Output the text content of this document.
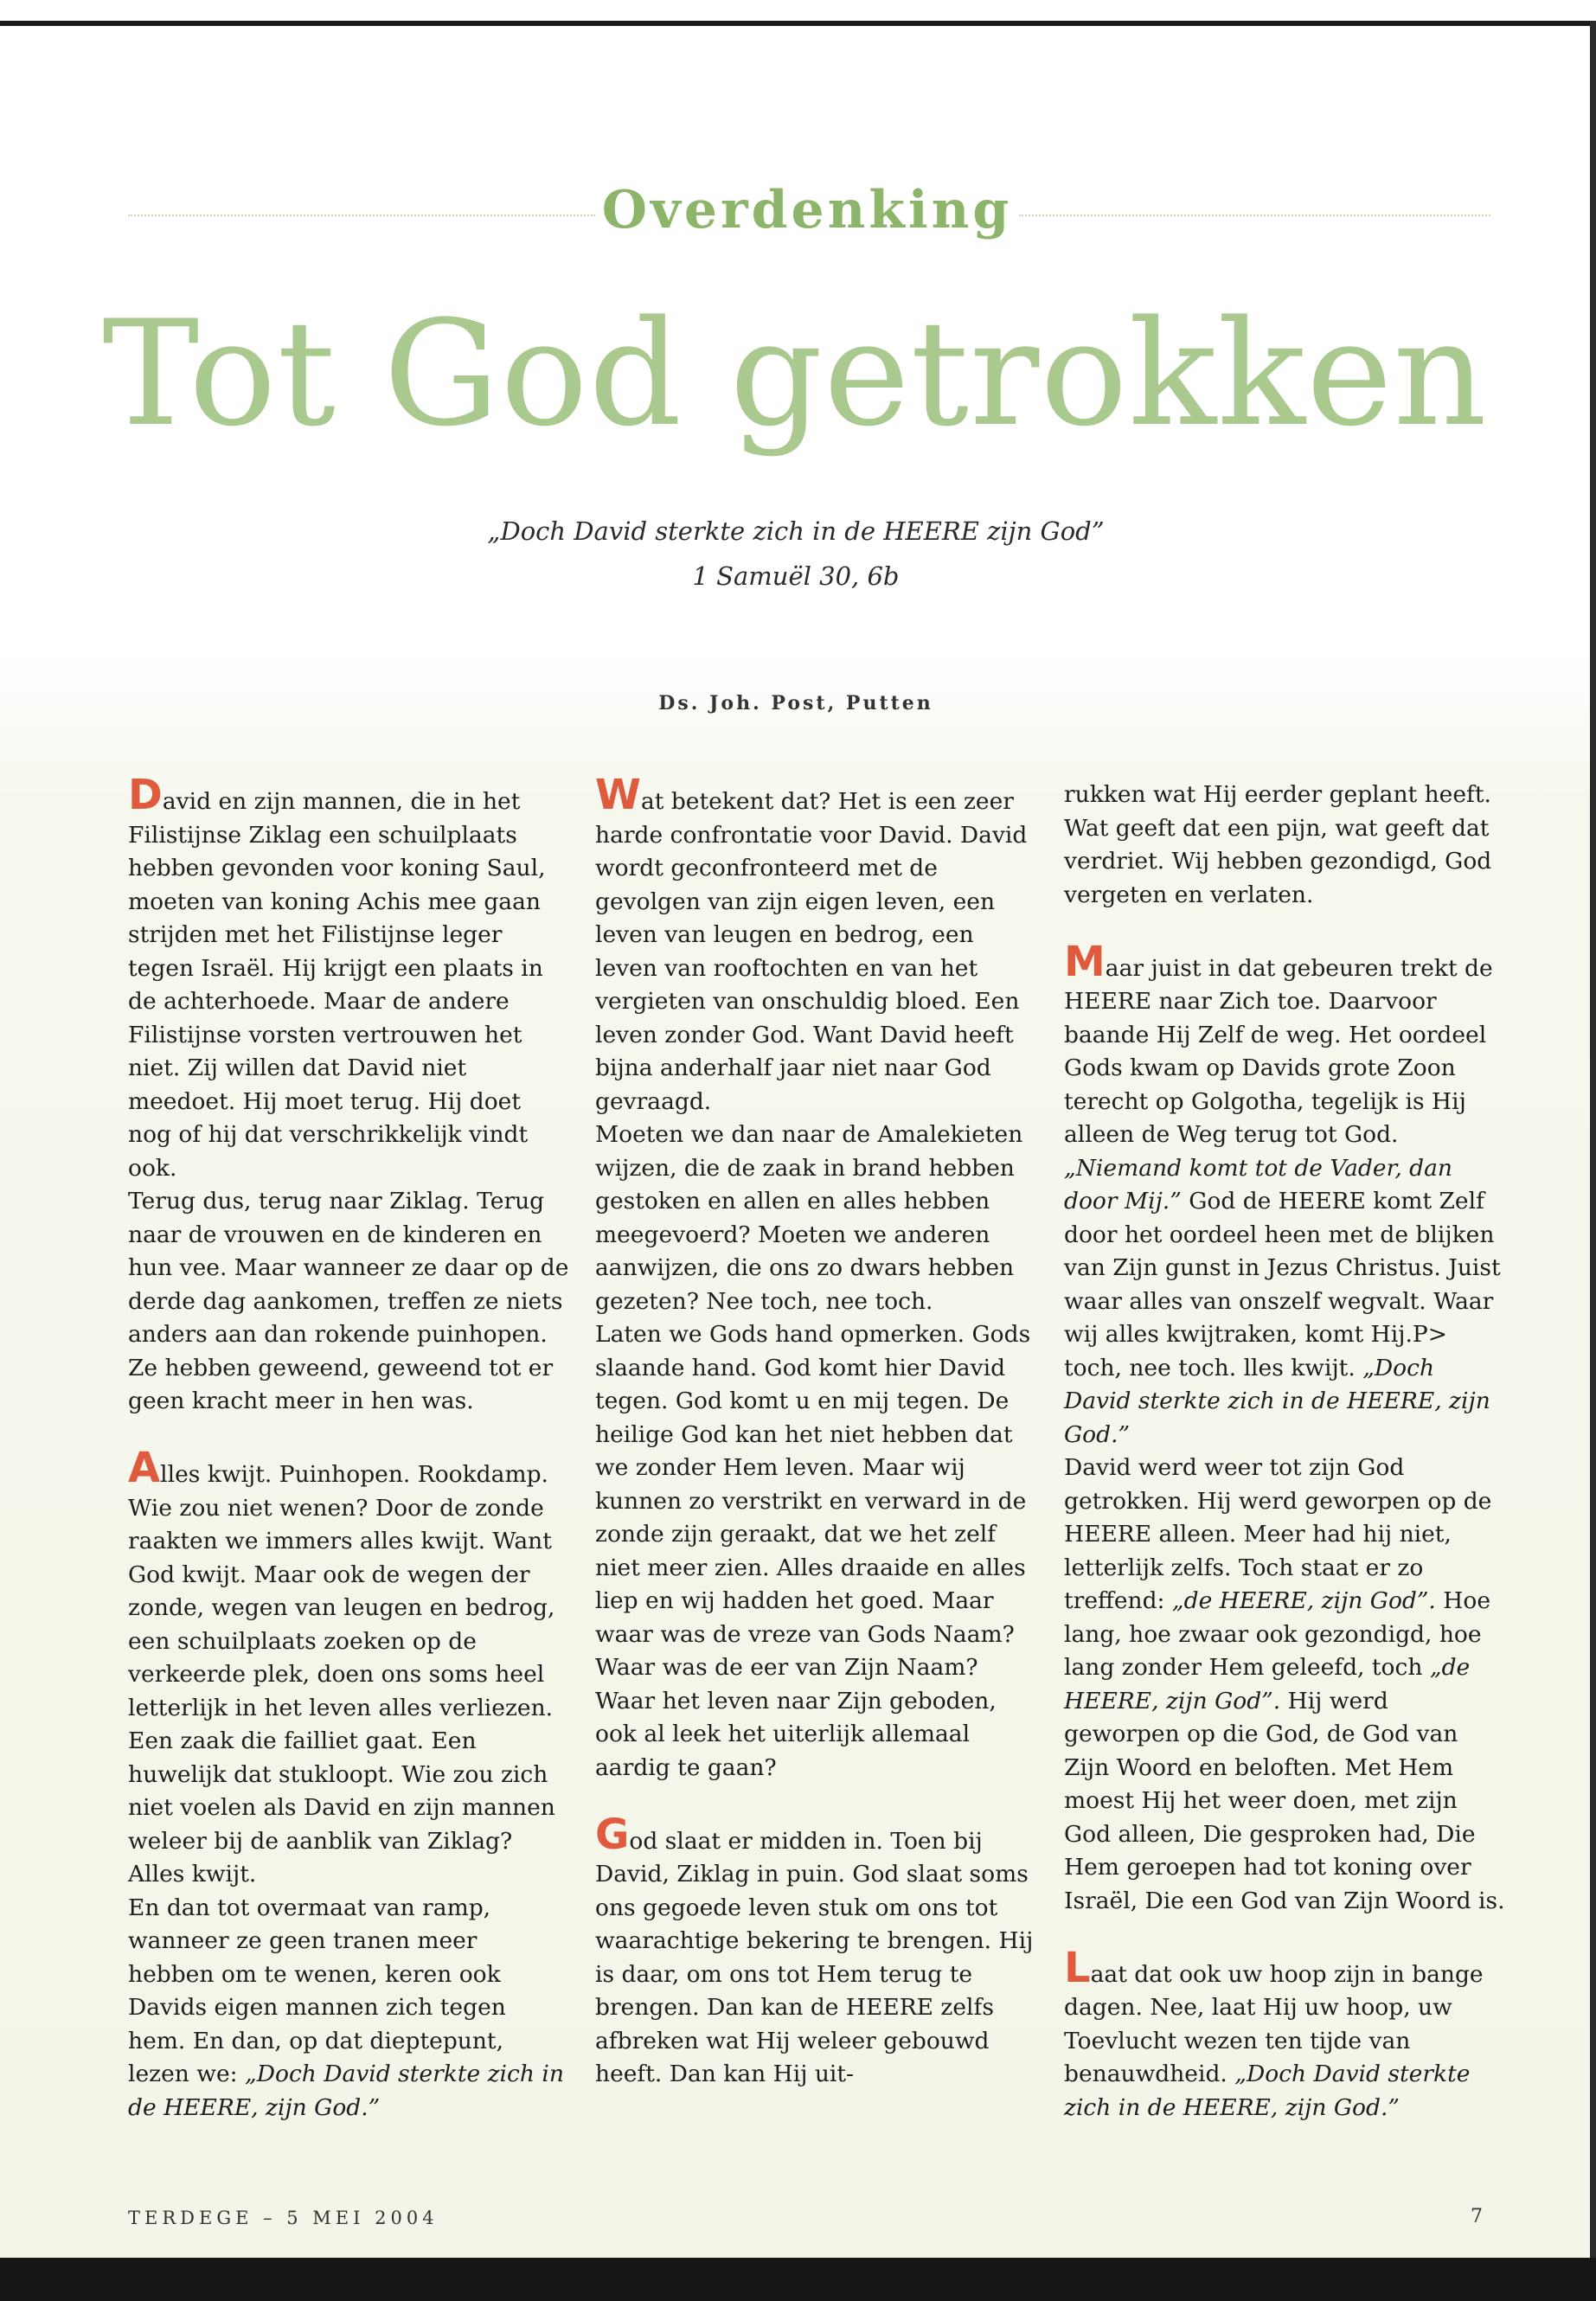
Overdenking
Tot God getrokken
„Doch David sterkte zich in de HEERE zijn God”
1 Samuël 30, 6b
Ds. Joh. Post, Putten

David en zijn mannen, die in het Filistijnse Ziklag een schuilplaats hebben gevonden voor koning Saul, moeten van koning Achis mee gaan strijden met het Filistijnse leger tegen Israël. Hij krijgt een plaats in de achterhoede. Maar de andere Filistijnse vorsten vertrouwen het niet. Zij willen dat David niet meedoet. Hij moet terug. Hij doet nog of hij dat verschrikkelijk vindt ook.

Terug dus, terug naar Ziklag. Terug naar de vrouwen en de kinderen en hun vee. Maar wanneer ze daar op de derde dag aankomen, treffen ze niets anders aan dan rokende puinhopen. Ze hebben geweend, geweend tot er geen kracht meer in hen was.

Alles kwijt. Puinhopen. Rookdamp. Wie zou niet wenen? Door de zonde raakten we immers alles kwijt. Want God kwijt. Maar ook de wegen der zonde, wegen van leugen en bedrog, een schuilplaats zoeken op de verkeerde plek, doen ons soms heel letterlijk in het leven alles verliezen. Een zaak die failliet gaat. Een huwelijk dat stukloopt. Wie zou zich niet voelen als David en zijn mannen weleer bij de aanblik van Ziklag? Alles kwijt.

En dan tot overmaat van ramp, wanneer ze geen tranen meer hebben om te wenen, keren ook Davids eigen mannen zich tegen hem. En dan, op dat dieptepunt, lezen we: „Doch David sterkte zich in de HEERE, zijn God.”

Wat betekent dat? Het is een zeer harde confrontatie voor David. David wordt geconfronteerd met de gevolgen van zijn eigen leven, een leven van leugen en bedrog, een leven van rooftochten en van het vergieten van onschuldig bloed. Een leven zonder God. Want David heeft bijna anderhalf jaar niet naar God gevraagd.

Moeten we dan naar de Amalekieten wijzen, die de zaak in brand hebben gestoken en allen en alles hebben meegevoerd? Moeten we anderen aanwijzen, die ons zo dwars hebben gezeten? Nee toch, nee toch.

Laten we Gods hand opmerken. Gods slaande hand. God komt hier David tegen. God komt u en mij tegen. De heilige God kan het niet hebben dat we zonder Hem leven. Maar wij kunnen zo verstrikt en verward in de zonde zijn geraakt, dat we het zelf niet meer zien. Alles draaide en alles liep en wij hadden het goed. Maar waar was de vreze van Gods Naam? Waar was de eer van Zijn Naam? Waar het leven naar Zijn geboden, ook al leek het uiterlijk allemaal aardig te gaan?

God slaat er midden in. Toen bij David, Ziklag in puin. God slaat soms ons gegoede leven stuk om ons tot waarachtige bekering te brengen. Hij is daar, om ons tot Hem terug te brengen. Dan kan de HEERE zelfs afbreken wat Hij weleer gebouwd heeft. Dan kan Hij uit-

rukken wat Hij eerder geplant heeft.

Wat geeft dat een pijn, wat geeft dat verdriet. Wij hebben gezondigd, God vergeten en verlaten.

Maar juist in dat gebeuren trekt de HEERE naar Zich toe. Daarvoor baande Hij Zelf de weg. Het oordeel Gods kwam op Davids grote Zoon terecht op Golgotha, tegelijk is Hij alleen de Weg terug tot God. „Niemand komt tot de Vader, dan door Mij.” God de HEERE komt Zelf door het oordeel heen met de blijken van Zijn gunst in Jezus Christus. Juist waar alles van onszelf wegvalt. Waar wij alles kwijtraken, komt Hij.P> toch, nee toch. lles kwijt. „Doch David sterkte zich in de HEERE, zijn God.”

David werd weer tot zijn God getrokken. Hij werd geworpen op de HEERE alleen. Meer had hij niet, letterlijk zelfs. Toch staat er zo treffend: „de HEERE, zijn God”. Hoe lang, hoe zwaar ook gezondigd, hoe lang zonder Hem geleefd, toch „de HEERE, zijn God”. Hij werd geworpen op die God, de God van Zijn Woord en beloften. Met Hem moest Hij het weer doen, met zijn God alleen, Die gesproken had, Die Hem geroepen had tot koning over Israël, Die een God van Zijn Woord is.

Laat dat ook uw hoop zijn in bange dagen. Nee, laat Hij uw hoop, uw Toevlucht wezen ten tijde van benauwdheid. „Doch David sterkte zich in de HEERE, zijn God.”

TERDEGE – 5 MEI 2004	7
